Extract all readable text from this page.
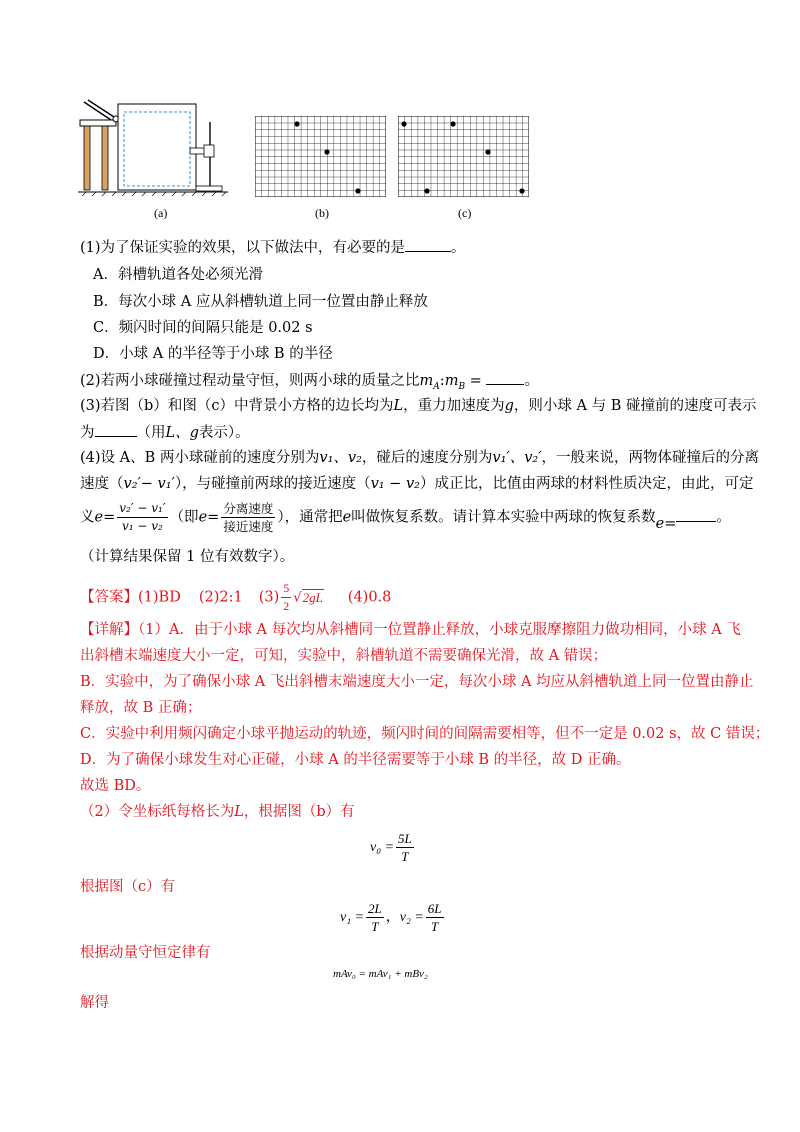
(a)	(b)	(c)
(1)为了保证实验的效果，以下做法中，有必要的是	。
A．斜槽轨道各处必须光滑
B．每次小球 A 应从斜槽轨道上同一位置由静止释放
C．频闪时间的间隔只能是 0.02 s
D．小球 A 的半径等于小球 B 的半径
(2)若两小球碰撞过程动量守恒，则两小球的质量之比$m_A:m_B$ =	。
(3)若图（b）和图（c）中背景小方格的边长均为L，重力加速度为g，则小球 A 与 B 碰撞前的速度可表示
为	（用L、g表示）。
(4)设 A、B 两小球碰前的速度分别为v₁、v₂，碰后的速度分别为v₁′、v₂′，一般来说，两物体碰撞后的分离
速度（v₂′− v₁′），与碰撞前两球的接近速度（v₁ − v₂）成正比，比值由两球的材料性质决定，由此，可定
义$e= \frac{\text{v₂′ − v₁′}}{\text{v₁ − v₂}}$ （即$e= \frac{\text{分离速度}}{\text{接近速度}}$ ），通常把e叫做恢复系数。请计算本实验中两球的恢复系数e=	。
（计算结果保留 1 位有效数字）。
【答案】(1)BD (2)2:1 $(3) \frac{5}{2} √2gL$ (4)0.8
【详解】（1）A．由于小球 A 每次均从斜槽同一位置静止释放，小球克服摩擦阻力做功相同，小球 A 飞
出斜槽末端速度大小一定，可知，实验中，斜槽轨道不需要确保光滑，故 A 错误；
B．实验中，为了确保小球 A 飞出斜槽末端速度大小一定，每次小球 A 均应从斜槽轨道上同一位置由静止
释放，故 B 正确；
C．实验中利用频闪确定小球平抛运动的轨迹，频闪时间的间隔需要相等，但不一定是 0.02 s，故 C 错误；
D．为了确保小球发生对心正碰，小球 A 的半径需要等于小球 B 的半径，故 D 正确。
故选 BD。
（2）令坐标纸每格长为L，根据图（b）有
$v_0 = \frac{5L}{T}$
根据图（c）有
$v_1 = \frac{2L}{T}$ ，$v_2 = \frac{6L}{T}$
根据动量守恒定律有
mAv₀ = mAv₁ + mBv₂
解得
